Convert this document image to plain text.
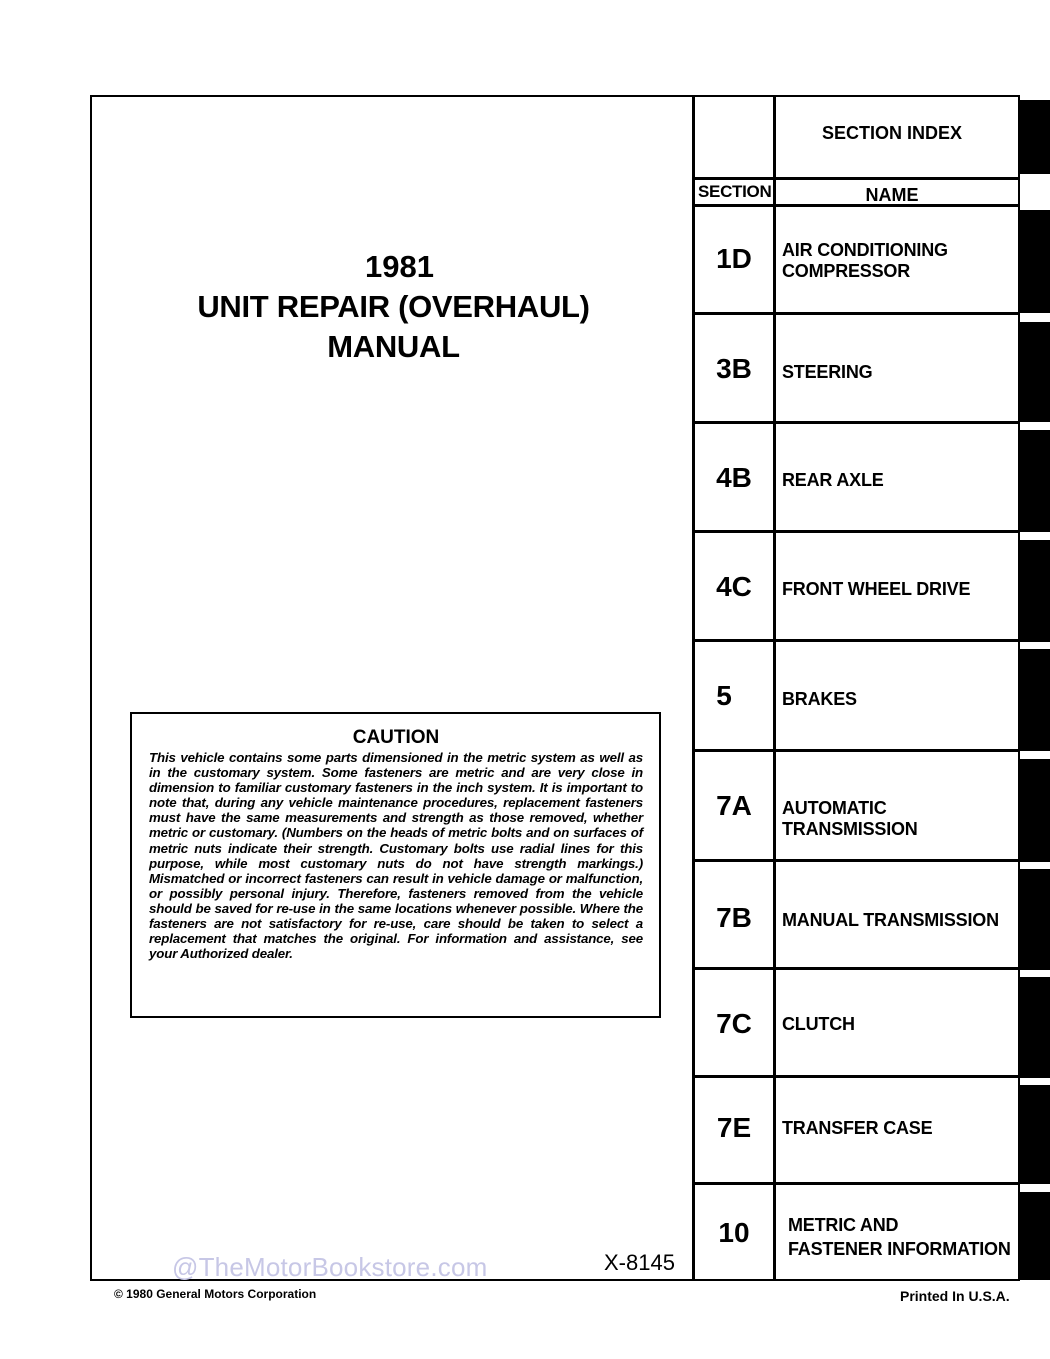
1981
UNIT REPAIR (OVERHAUL)
MANUAL
CAUTION
This vehicle contains some parts dimensioned in the metric system as well as in the customary system. Some fasteners are metric and are very close in dimension to familiar customary fasteners in the inch system. It is important to note that, during any vehicle maintenance procedures, replacement fasteners must have the same measurements and strength as those removed, whether metric or customary. (Numbers on the heads of metric bolts and on surfaces of metric nuts indicate their strength. Customary bolts use radial lines for this purpose, while most customary nuts do not have strength markings.) Mismatched or incorrect fasteners can result in vehicle damage or malfunction, or possibly personal injury. Therefore, fasteners removed from the vehicle should be saved for re-use in the same locations whenever possible. Where the fasteners are not satisfactory for re-use, care should be taken to select a replacement that matches the original. For information and assistance, see your Authorized dealer.
@TheMotorBookstore.com	X-8145
SECTION INDEX
SECTION	NAME
1D	AIR CONDITIONING
COMPRESSOR
3B	STEERING
4B	REAR AXLE
4C	FRONT WHEEL DRIVE
5	BRAKES
7A	AUTOMATIC TRANSMISSION
7B	MANUAL TRANSMISSION
7C	CLUTCH
7E	TRANSFER CASE
10	METRIC AND
FASTENER INFORMATION
© 1980 General Motors Corporation	Printed In U.S.A.
